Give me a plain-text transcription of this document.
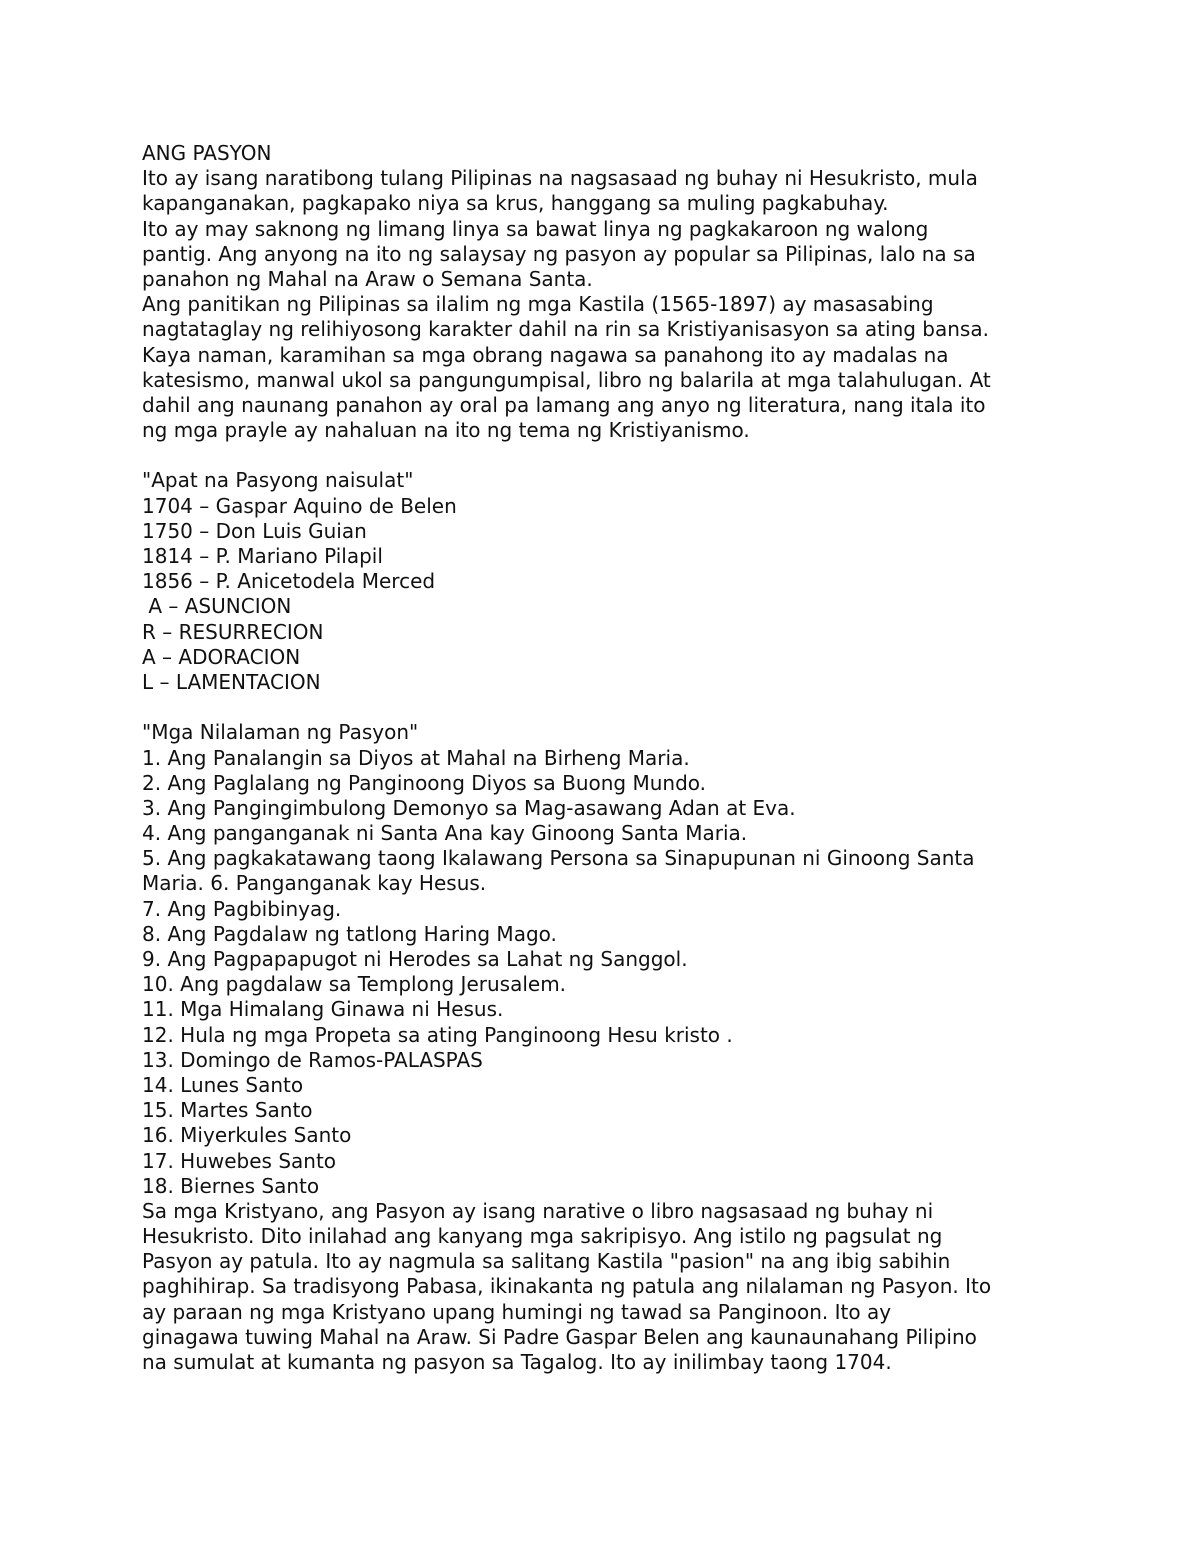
ANG PASYON
Ito ay isang naratibong tulang Pilipinas na nagsasaad ng buhay ni Hesukristo, mula
kapanganakan, pagkapako niya sa krus, hanggang sa muling pagkabuhay.
Ito ay may saknong ng limang linya sa bawat linya ng pagkakaroon ng walong
pantig. Ang anyong na ito ng salaysay ng pasyon ay popular sa Pilipinas, lalo na sa
panahon ng Mahal na Araw o Semana Santa.
Ang panitikan ng Pilipinas sa ilalim ng mga Kastila (1565-1897) ay masasabing
nagtataglay ng relihiyosong karakter dahil na rin sa Kristiyanisasyon sa ating bansa.
Kaya naman, karamihan sa mga obrang nagawa sa panahong ito ay madalas na
katesismo, manwal ukol sa pangungumpisal, libro ng balarila at mga talahulugan. At
dahil ang naunang panahon ay oral pa lamang ang anyo ng literatura, nang itala ito
ng mga prayle ay nahaluan na ito ng tema ng Kristiyanismo.
"Apat na Pasyong naisulat"
1704 – Gaspar Aquino de Belen
1750 – Don Luis Guian
1814 – P. Mariano Pilapil
1856 – P. Anicetodela Merced
A – ASUNCION
R – RESURRECION
A – ADORACION
L – LAMENTACION
"Mga Nilalaman ng Pasyon"
1. Ang Panalangin sa Diyos at Mahal na Birheng Maria.
2. Ang Paglalang ng Panginoong Diyos sa Buong Mundo.
3. Ang Pangingimbulong Demonyo sa Mag-asawang Adan at Eva.
4. Ang panganganak ni Santa Ana kay Ginoong Santa Maria.
5. Ang pagkakatawang taong Ikalawang Persona sa Sinapupunan ni Ginoong Santa
Maria. 6. Panganganak kay Hesus.
7. Ang Pagbibinyag.
8. Ang Pagdalaw ng tatlong Haring Mago.
9. Ang Pagpapapugot ni Herodes sa Lahat ng Sanggol.
10. Ang pagdalaw sa Templong Jerusalem.
11. Mga Himalang Ginawa ni Hesus.
12. Hula ng mga Propeta sa ating Panginoong Hesu kristo .
13. Domingo de Ramos-PALASPAS
14. Lunes Santo
15. Martes Santo
16. Miyerkules Santo
17. Huwebes Santo
18. Biernes Santo
Sa mga Kristyano, ang Pasyon ay isang narative o libro nagsasaad ng buhay ni
Hesukristo. Dito inilahad ang kanyang mga sakripisyo. Ang istilo ng pagsulat ng
Pasyon ay patula. Ito ay nagmula sa salitang Kastila "pasion" na ang ibig sabihin
paghihirap. Sa tradisyong Pabasa, ikinakanta ng patula ang nilalaman ng Pasyon. Ito
ay paraan ng mga Kristyano upang humingi ng tawad sa Panginoon. Ito ay
ginagawa tuwing Mahal na Araw. Si Padre Gaspar Belen ang kaunaunahang Pilipino
na sumulat at kumanta ng pasyon sa Tagalog. Ito ay inilimbay taong 1704.
